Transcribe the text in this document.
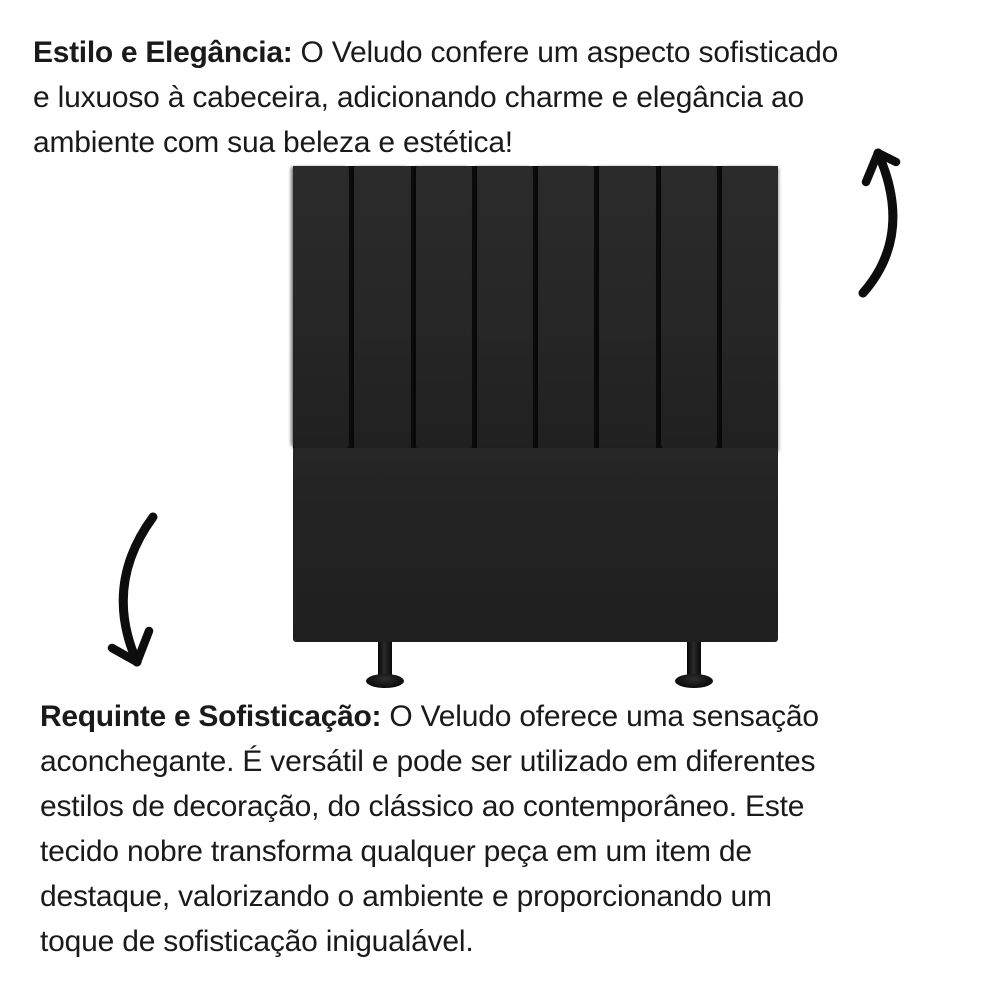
Estilo e Elegância: O Veludo confere um aspecto sofisticado
e luxuoso à cabeceira, adicionando charme e elegância ao
ambiente com sua beleza e estética!
Requinte e Sofisticação: O Veludo oferece uma sensação
aconchegante. É versátil e pode ser utilizado em diferentes
estilos de decoração, do clássico ao contemporâneo. Este
tecido nobre transforma qualquer peça em um item de
destaque, valorizando o ambiente e proporcionando um
toque de sofisticação inigualável.
